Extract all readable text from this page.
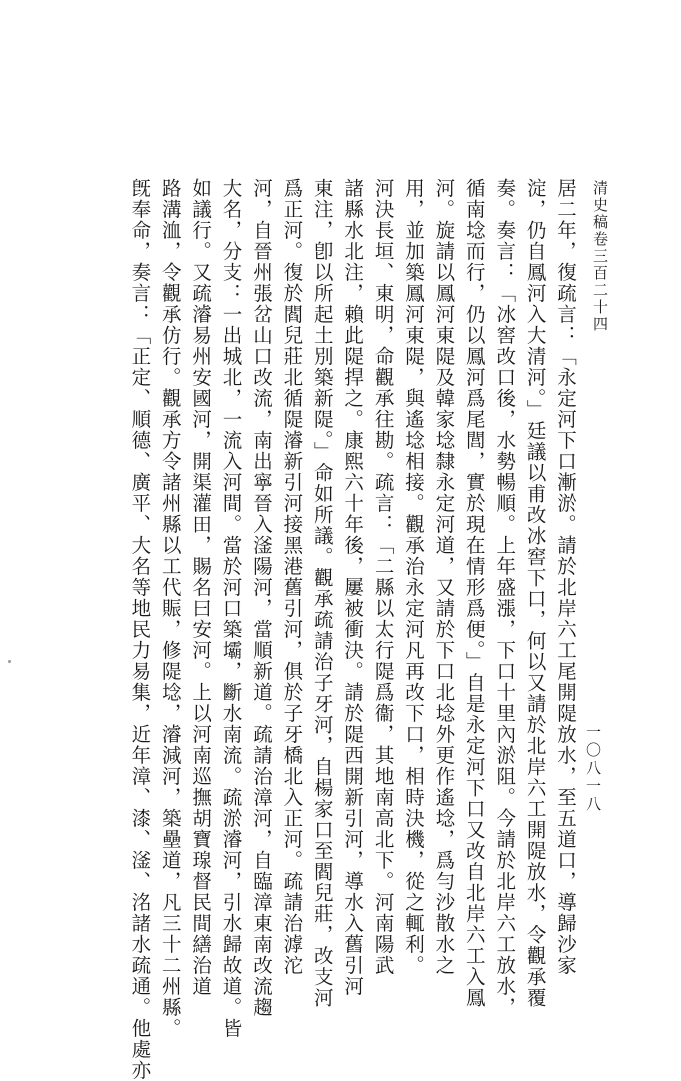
清史稿卷三百二十四
一〇八一八
居二年，復疏言：「永定河下口漸淤。請於北岸六工尾開隄放水，至五道口，導歸沙家
淀，仍自鳳河入大清河。」廷議以甫改冰窖下口，何以又請於北岸六工開隄放水，令觀承覆
奏。奏言：「冰窖改口後，水勢暢順。上年盛漲，下口十里內淤阻。今請於北岸六工放水，
循南埝而行，仍以鳳河爲尾閭，實於現在情形爲便。」自是永定河下口又改自北岸六工入鳳
河。旋請以鳳河東隄及韓家埝隸永定河道，又請於下口北埝外更作遙埝，爲勻沙散水之
用，並加築鳳河東隄，與遙埝相接。觀承治永定河凡再改下口，相時決機，從之輒利。
河決長垣、東明，命觀承往勘。疏言：「二縣以太行隄爲衞，其地南高北下。河南陽武
諸縣水北注，賴此隄捍之。康熙六十年後，屢被衝決。請於隄西開新引河，導水入舊引河
東注，卽以所起土別築新隄。」命如所議。觀承疏請治子牙河，自楊家口至閻兒莊，改支河
爲正河。復於閻兒莊北循隄濬新引河接黑港舊引河，俱於子牙橋北入正河。疏請治滹沱
河，自晉州張岔山口改流，南出寧晉入滏陽河，當順新道。疏請治漳河，自臨漳東南改流趨
大名，分支：一出城北，一流入河間。當於河口築壩，斷水南流。疏淤濬河，引水歸故道。皆
如議行。又疏濬易州安國河，開渠灌田，賜名曰安河。上以河南巡撫胡寶瑔督民間繕治道
路溝洫，令觀承仿行。觀承方令諸州縣以工代賑，修隄埝，濬減河，築壘道，凡三十二州縣。
旣奉命，奏言：「正定、順德、廣平、大名等地民力易集，近年漳、漆、滏、洺諸水疏通。他處亦
